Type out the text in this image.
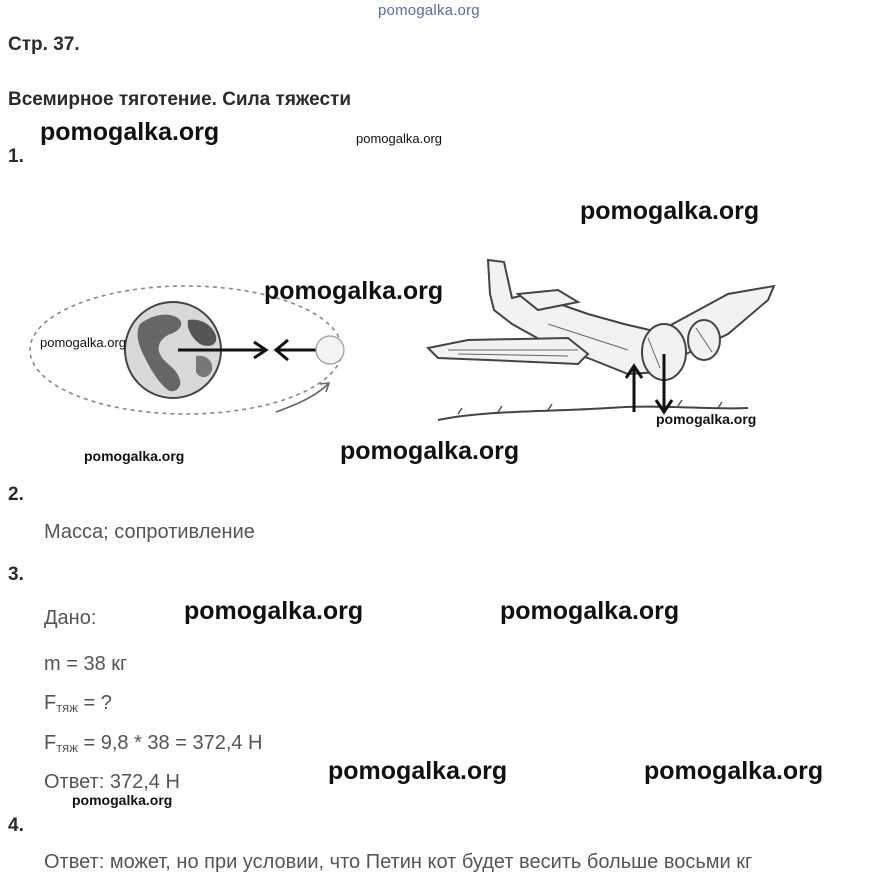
pomogalka.org
Стр. 37.
Всемирное тяготение. Сила тяжести
1.
pomogalka.org	pomogalka.org
pomogalka.org
pomogalka.org
pomogalka.org
pomogalka.org
pomogalka.org	pomogalka.org
2.
Масса; сопротивление
3.
Дано:	pomogalka.org	pomogalka.org
m = 38 кг
$F_{тяж}$ = ?
$F_{тяж} = 9,8 * 38 = 372,4$ Н
Ответ: 372,4 Н	pomogalka.org	pomogalka.org
pomogalka.org
4.
Ответ: может, но при условии, что Петин кот будет весить больше восьми кг
